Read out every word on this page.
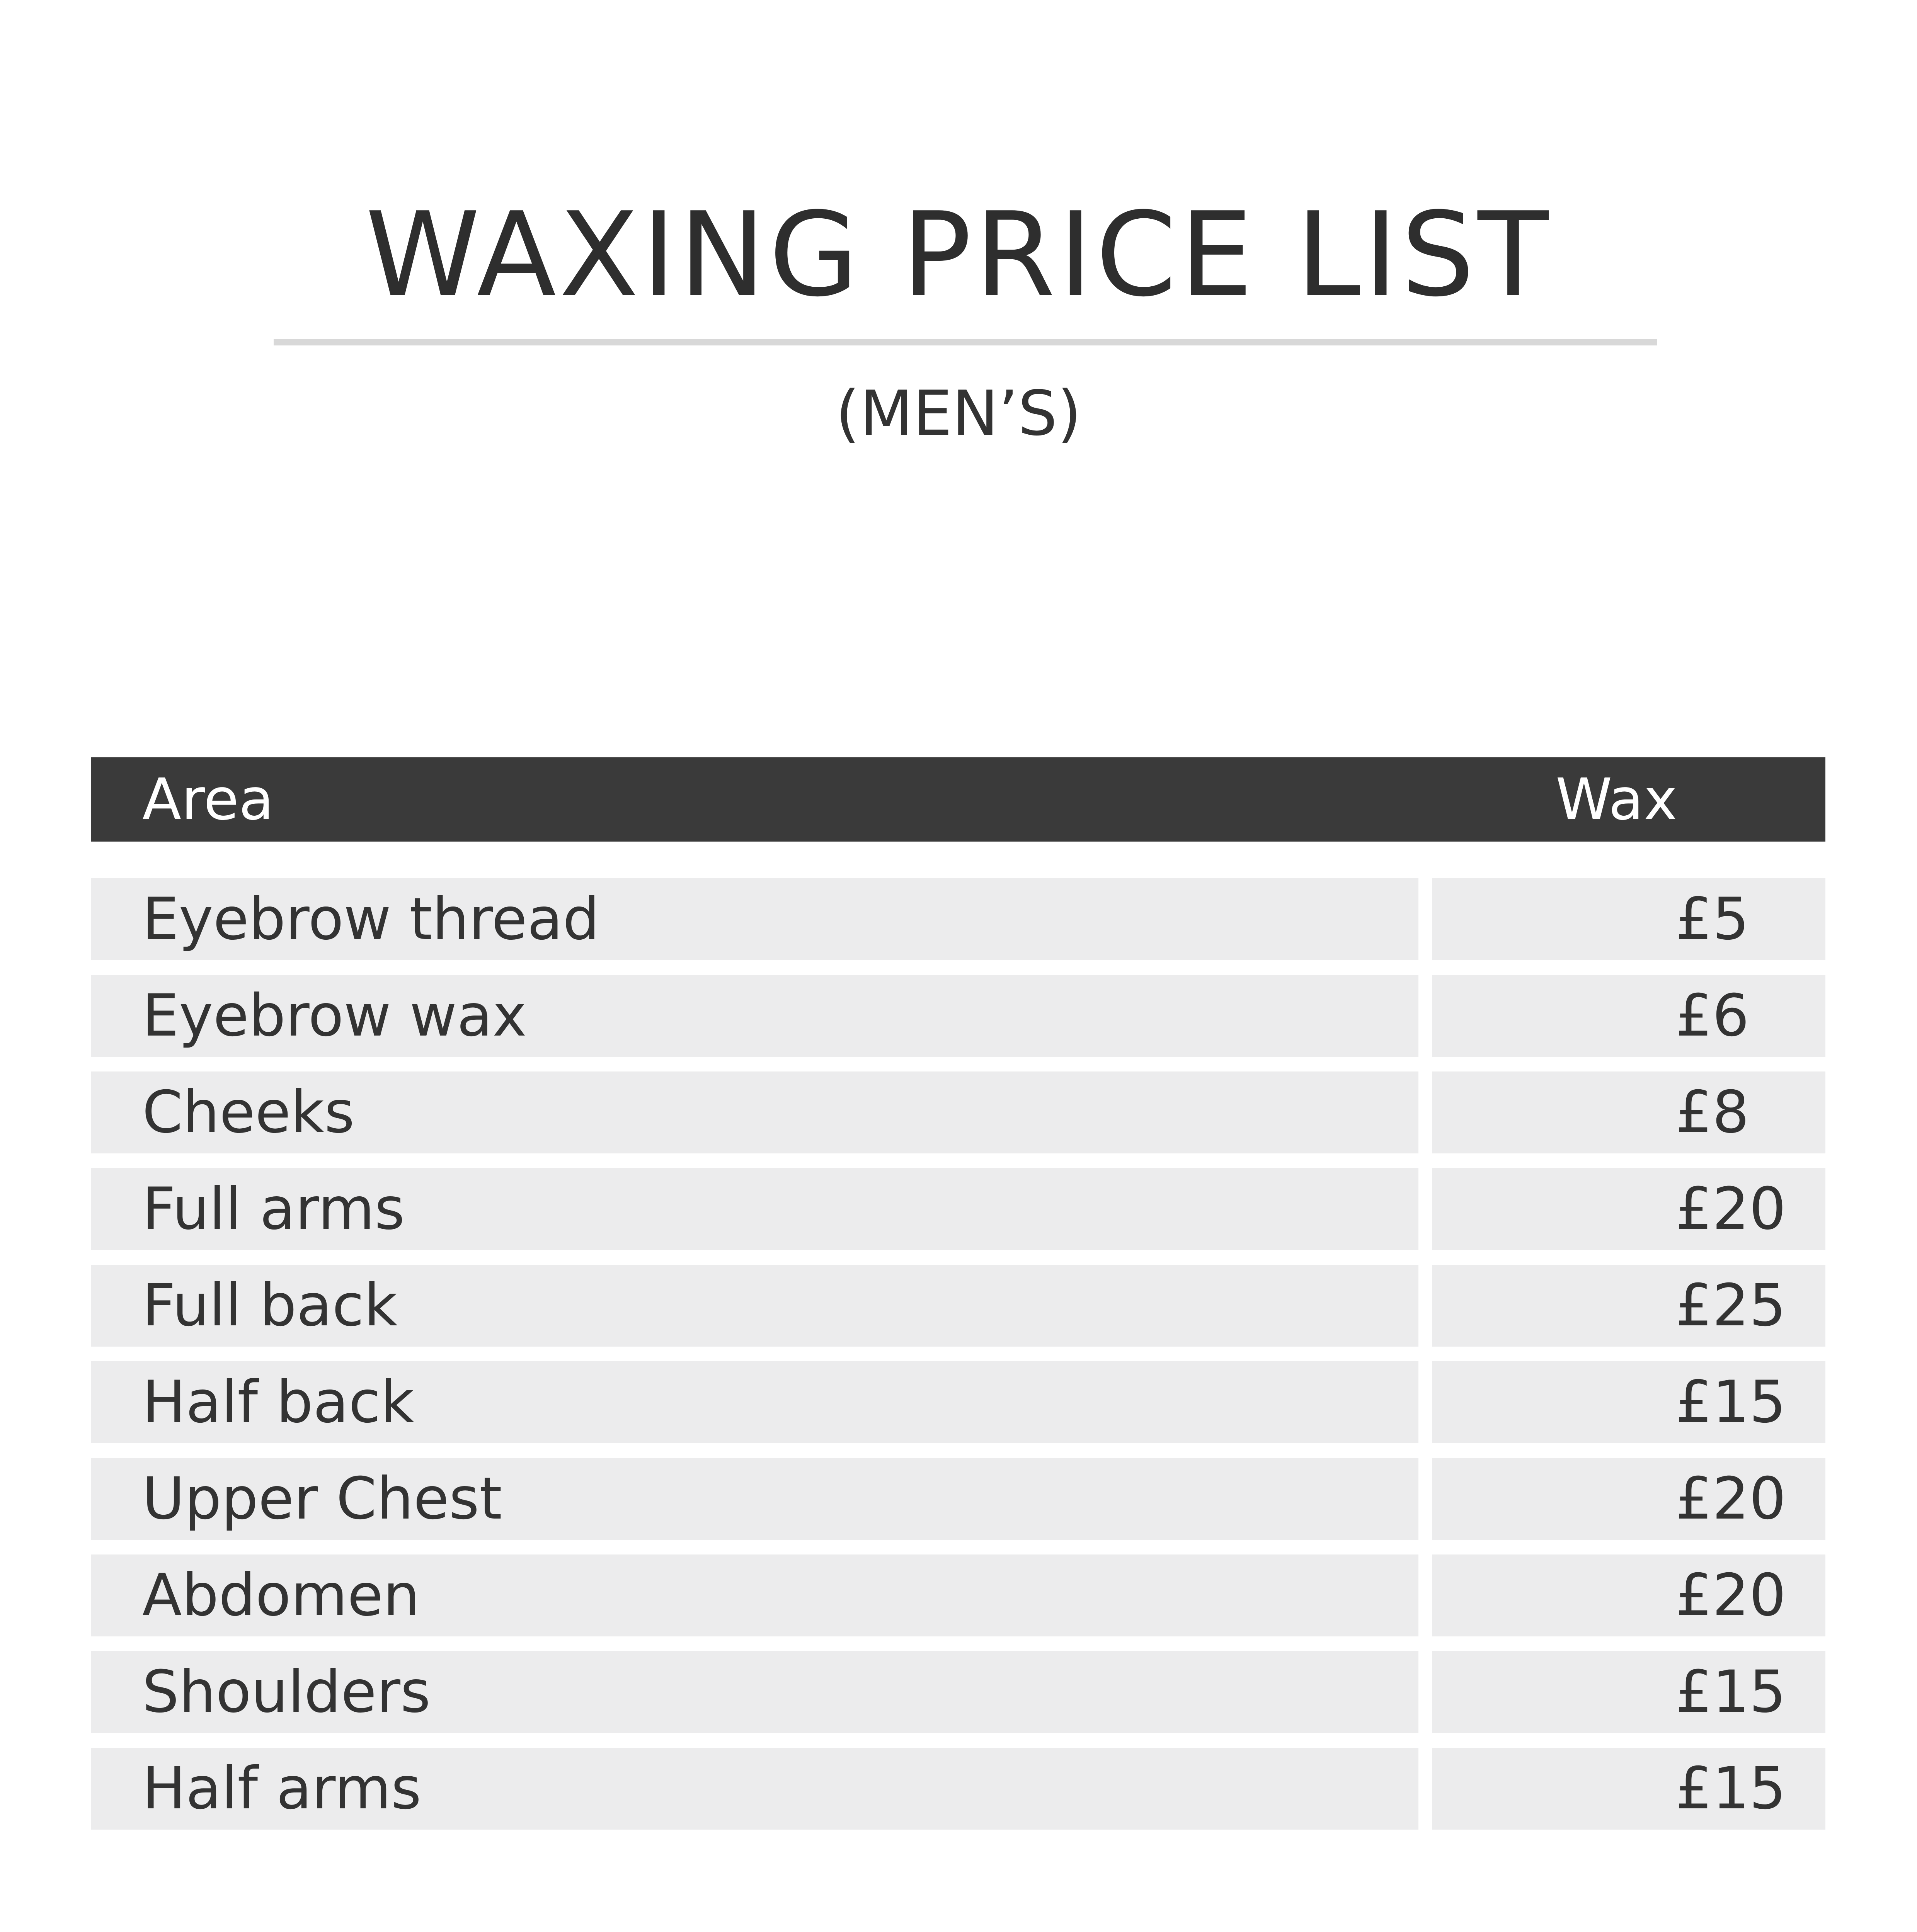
WAXING PRICE LIST
(MEN’S)
Area	Wax
Eyebrow thread	£5
Eyebrow wax	£6
Cheeks	£8
Full arms	£20
Full back	£25
Half back	£15
Upper Chest	£20
Abdomen	£20
Shoulders	£15
Half arms	£15
